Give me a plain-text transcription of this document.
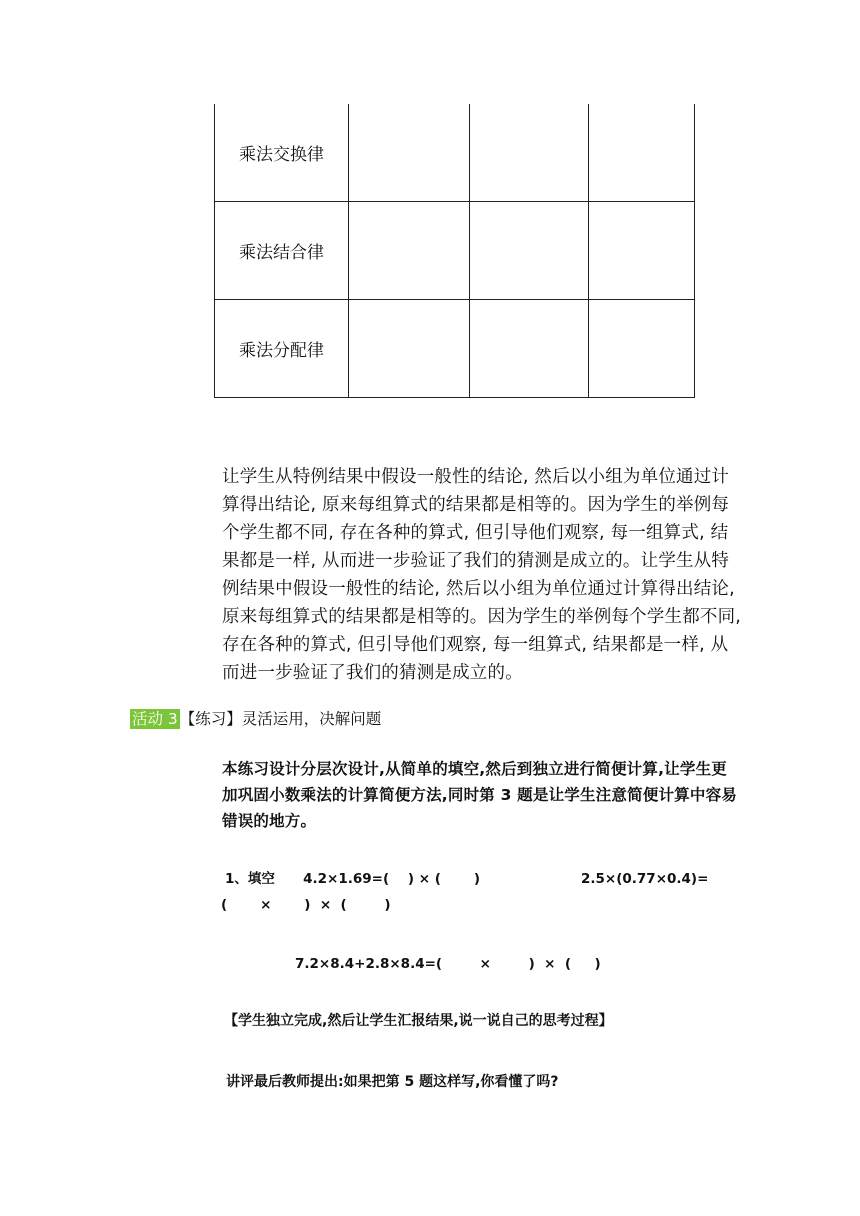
乘法交换律			
乘法结合律			
乘法分配律			

让学生从特例结果中假设一般性的结论, 然后以小组为单位通过计算得出结论, 原来每组算式的结果都是相等的。因为学生的举例每个学生都不同, 存在各种的算式, 但引导他们观察, 每一组算式, 结果都是一样, 从而进一步验证了我们的猜测是成立的。让学生从特例结果中假设一般性的结论, 然后以小组为单位通过计算得出结论, 原来每组算式的结果都是相等的。因为学生的举例每个学生都不同, 存在各种的算式, 但引导他们观察, 每一组算式, 结果都是一样, 从而进一步验证了我们的猜测是成立的。

活动 3 【练习】灵活运用，决解问题

本练习设计分层次设计,从简单的填空,然后到独立进行简便计算,让学生更加巩固小数乘法的计算简便方法,同时第 3 题是让学生注意简便计算中容易错误的地方。

1、填空      4.2×1.69=(    ) × (       )	2.5×(0.77×0.4)=
(       ×       )  ×  (        )
7.2×8.4+2.8×8.4=(        ×        )  ×  (     )
【学生独立完成,然后让学生汇报结果,说一说自己的思考过程】
讲评最后教师提出:如果把第 5 题这样写,你看懂了吗?
